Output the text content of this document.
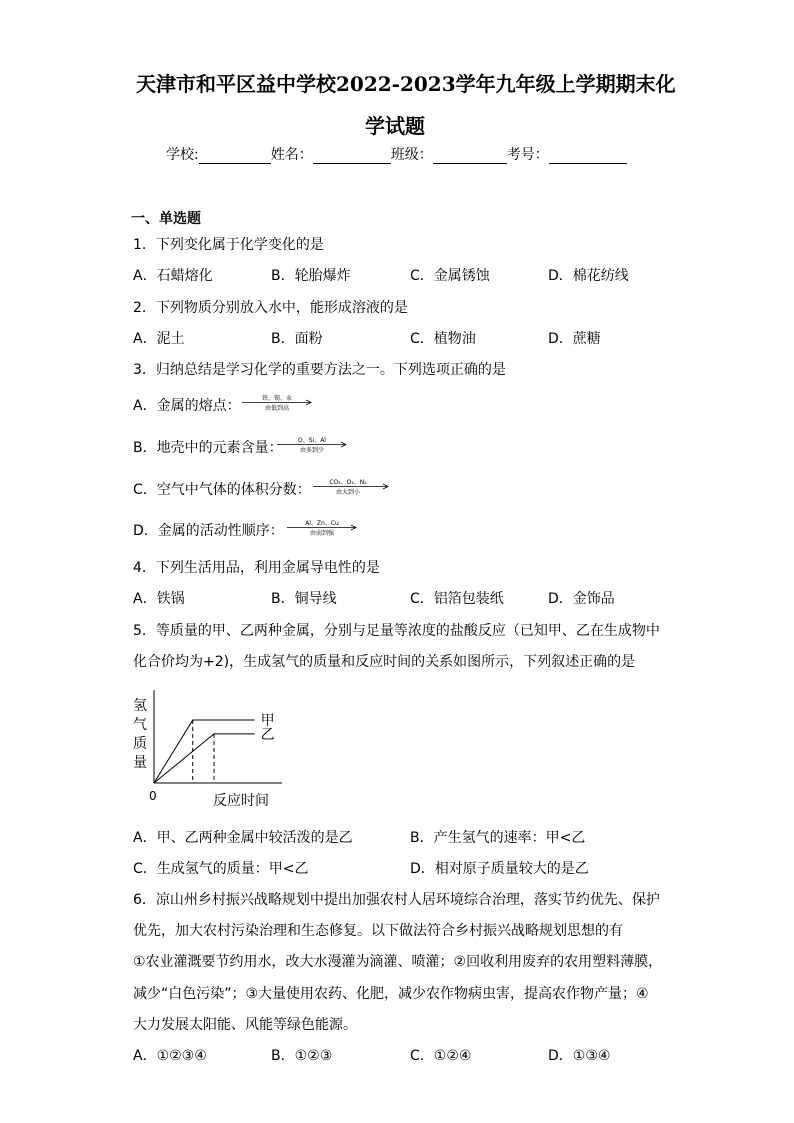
天津市和平区益中学校2022-2023学年九年级上学期期末化
学试题
学校:	姓名：	班级：	考号：
一、单选题
1．下列变化属于化学变化的是
A．石蜡熔化	B．轮胎爆炸	C．金属锈蚀	D．棉花纺线
2．下列物质分别放入水中，能形成溶液的是
A．泥土	B．面粉	C．植物油	D．蔗糖
3．归纳总结是学习化学的重要方法之一。下列选项正确的是
A．金属的熔点：	铁、锡、汞
由低到高
B．地壳中的元素含量：	O、Si、Al
由多到少
C．空气中气体的体积分数：	CO₂、O₂、N₂
由大到小
D．金属的活动性顺序：	Al、Zn、Cu
由弱到强
4．下列生活用品，利用金属导电性的是
A．铁锅	B．铜导线	C．铝箔包装纸	D．金饰品
5．等质量的甲、乙两种金属，分别与足量等浓度的盐酸反应（已知甲、乙在生成物中
化合价均为+2)，生成氢气的质量和反应时间的关系如图所示，下列叙述正确的是
氢
气
质
量
0	反应时间
甲
乙
A．甲、乙两种金属中较活泼的是乙	B．产生氢气的速率：甲<乙
C．生成氢气的质量：甲<乙	D．相对原子质量较大的是乙
6．凉山州乡村振兴战略规划中提出加强农村人居环境综合治理，落实节约优先、保护
优先，加大农村污染治理和生态修复。以下做法符合乡村振兴战略规划思想的有
①农业灌溉要节约用水，改大水漫灌为滴灌、喷灌；②回收利用废弃的农用塑料薄膜，
减少“白色污染”；③大量使用农药、化肥，减少农作物病虫害，提高农作物产量；④
大力发展太阳能、风能等绿色能源。
A．①②③④	B．①②③	C．①②④	D．①③④
